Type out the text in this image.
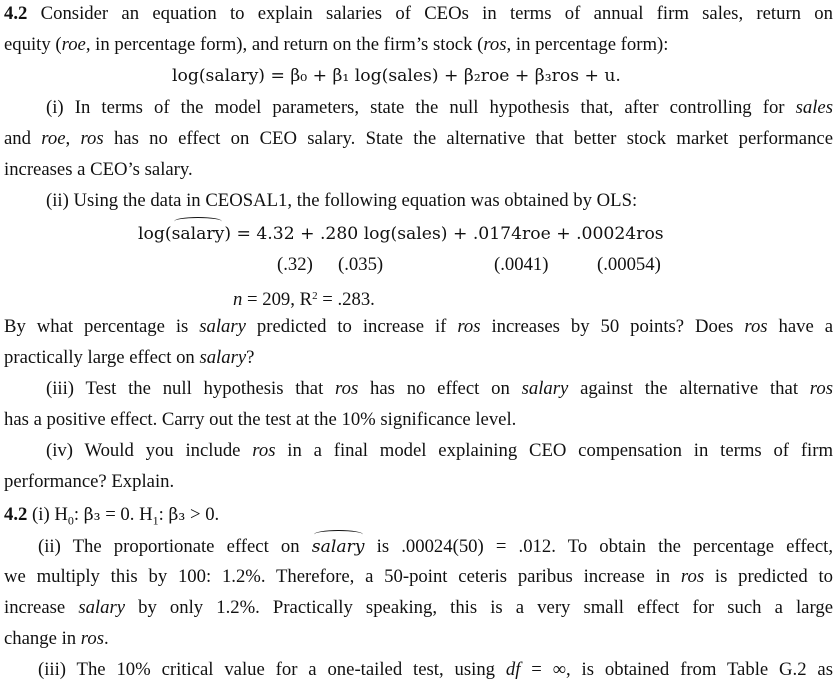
4.2 Consider an equation to explain salaries of CEOs in terms of annual firm sales, return on
equity (roe, in percentage form), and return on the firm’s stock (ros, in percentage form):
log(salary) = β₀ + β₁ log(sales) + β₂roe + β₃ros + u.
(i) In terms of the model parameters, state the null hypothesis that, after controlling for sales
and roe, ros has no effect on CEO salary. State the alternative that better stock market performance
increases a CEO’s salary.
(ii) Using the data in CEOSAL1, the following equation was obtained by OLS:
log(salary) = 4.32 + .280 log(sales) + .0174roe + .00024ros
(.32) (.035)	(.0041)	(.00054)
n = 209, $R^2 = .283$.
By what percentage is salary predicted to increase if ros increases by 50 points? Does ros have a
practically large effect on salary?
(iii) Test the null hypothesis that ros has no effect on salary against the alternative that ros
has a positive effect. Carry out the test at the 10% significance level.
(iv) Would you include ros in a final model explaining CEO compensation in terms of firm
performance? Explain.
4.2 (i) $H_0$: β₃ = 0. $H_1$: β₃ > 0.
(ii) The proportionate effect on salary is .00024(50) = .012. To obtain the percentage effect,
we multiply this by 100: 1.2%. Therefore, a 50-point ceteris paribus increase in ros is predicted to
increase salary by only 1.2%. Practically speaking, this is a very small effect for such a large
change in ros.
(iii) The 10% critical value for a one-tailed test, using df = ∞, is obtained from Table G.2 as
